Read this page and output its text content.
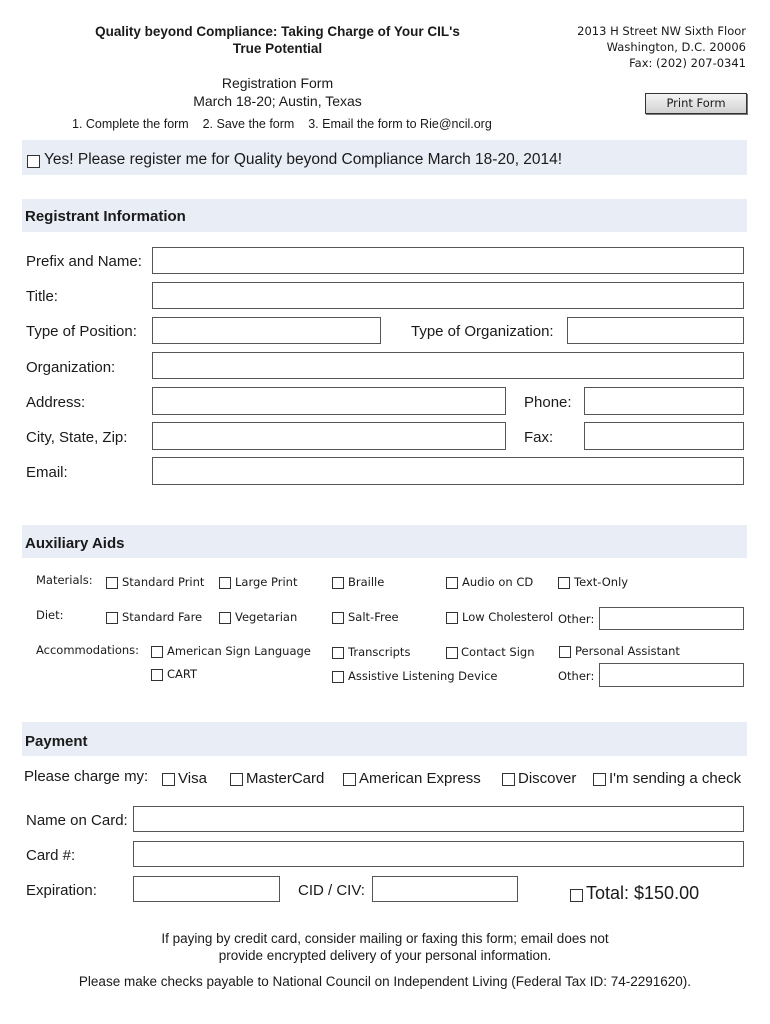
Quality beyond Compliance: Taking Charge of Your CIL's
True Potential
Registration Form
March 18-20; Austin, Texas
1. Complete the form    2. Save the form    3. Email the form to Rie@ncil.org
2013 H Street NW Sixth Floor
Washington, D.C. 20006
Fax: (202) 207-0341
Print Form
Yes! Please register me for Quality beyond Compliance March 18-20, 2014!
Registrant Information
Prefix and Name:
Title:
Type of Position:	Type of Organization:
Organization:
Address:	Phone:
City, State, Zip:	Fax:
Email:
Auxiliary Aids
Materials:	Standard Print	Large Print	Braille	Audio on CD	Text-Only
Diet:	Standard Fare	Vegetarian	Salt-Free	Low Cholesterol Other:
Accommodations: American Sign Language	Transcripts	Contact Sign	Personal Assistant
CART	Assistive Listening Device	Other:
Payment
Please charge my: Visa	MasterCard American Express Discover I'm sending a check
Name on Card:
Card #:
Expiration:	CID / CIV:	Total: $150.00
If paying by credit card, consider mailing or faxing this form; email does not
provide encrypted delivery of your personal information.
Please make checks payable to National Council on Independent Living (Federal Tax ID: 74-2291620).
